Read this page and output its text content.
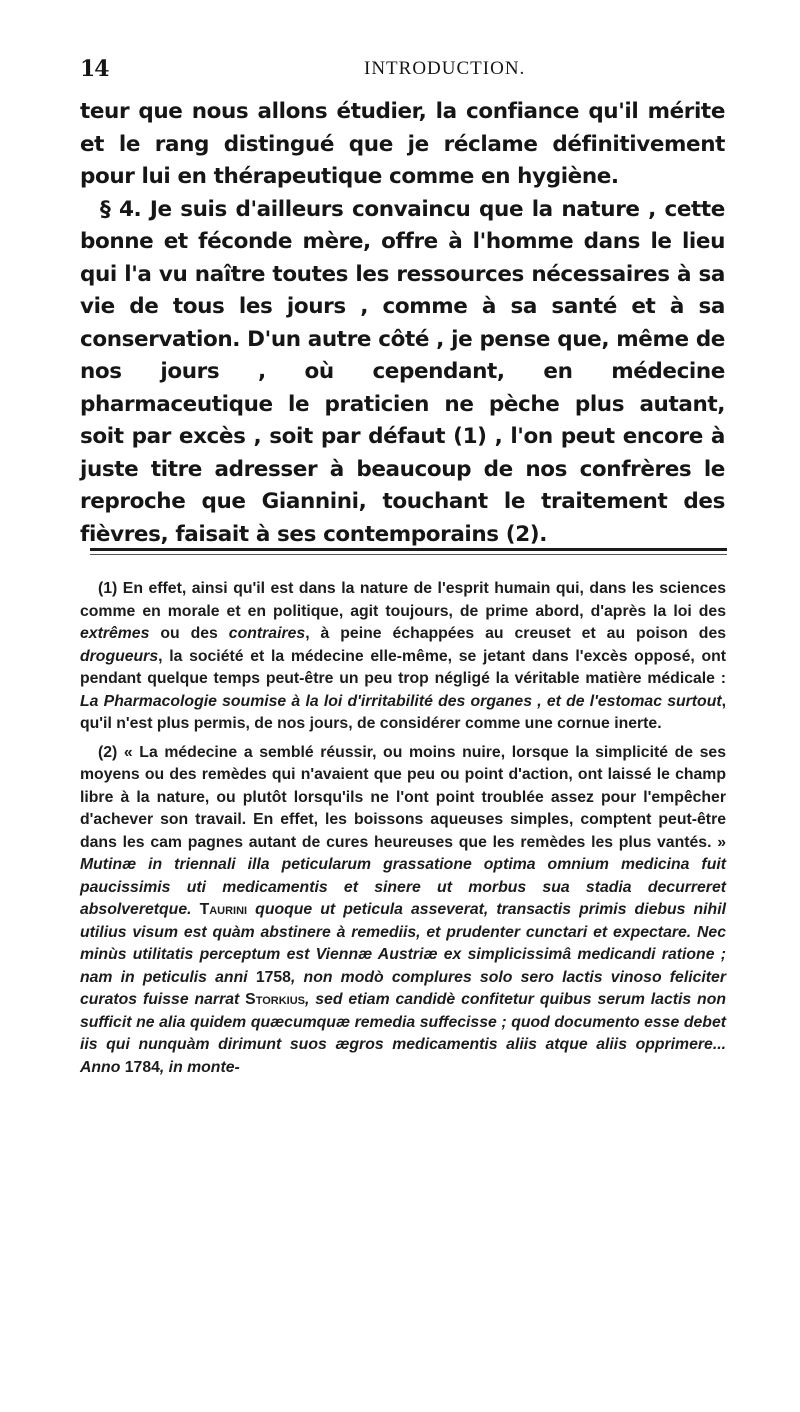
14	INTRODUCTION.

teur que nous allons étudier, la confiance qu'il mérite et le rang distingué que je réclame définitivement pour lui en thérapeutique comme en hygiène.

§ 4. Je suis d'ailleurs convaincu que la nature , cette bonne et féconde mère, offre à l'homme dans le lieu qui l'a vu naître toutes les ressources nécessaires à sa vie de tous les jours , comme à sa santé et à sa conservation. D'un autre côté , je pense que, même de nos jours , où cependant, en médecine pharmaceutique le praticien ne pèche plus autant, soit par excès , soit par défaut (1) , l'on peut encore à juste titre adresser à beaucoup de nos confrères le reproche que Giannini, touchant le traitement des fièvres, faisait à ses contemporains (2).

(1) En effet, ainsi qu'il est dans la nature de l'esprit humain qui, dans les sciences comme en morale et en politique, agit toujours, de prime abord, d'après la loi des extrêmes ou des contraires, à peine échappées au creuset et au poison des drogueurs, la société et la médecine elle-même, se jetant dans l'excès opposé, ont pendant quelque temps peut-être un peu trop négligé la véritable matière médicale : La Pharmacologie soumise à la loi d'irritabilité des organes , et de l'estomac surtout, qu'il n'est plus permis, de nos jours, de considérer comme une cornue inerte.

(2) « La médecine a semblé réussir, ou moins nuire, lorsque la simplicité de ses moyens ou des remèdes qui n'avaient que peu ou point d'action, ont laissé le champ libre à la nature, ou plutôt lorsqu'ils ne l'ont point troublée assez pour l'empêcher d'achever son travail. En effet, les boissons aqueuses simples, comptent peut-être dans les cam pagnes autant de cures heureuses que les remèdes les plus vantés. » Mutinæ in triennali illa peticularum grassatione optima omnium medicina fuit paucissimis uti medicamentis et sinere ut morbus sua stadia decurreret absolveretque. Taurini quoque ut peticula asseverat, transactis primis diebus nihil utilius visum est quàm abstinere à remediis, et prudenter cunctari et expectare. Nec minùs utilitatis perceptum est Viennæ Austriæ ex simplicissimâ medicandi ratione ; nam in peticulis anni 1758, non modò complures solo sero lactis vinoso feliciter curatos fuisse narrat Storkius, sed etiam candidè confitetur quibus serum lactis non sufficit ne alia quidem quæcumquæ remedia suffecisse ; quod documento esse debet iis qui nunquàm dirimunt suos ægros medicamentis aliis atque aliis opprimere... Anno 1784, in monte-
